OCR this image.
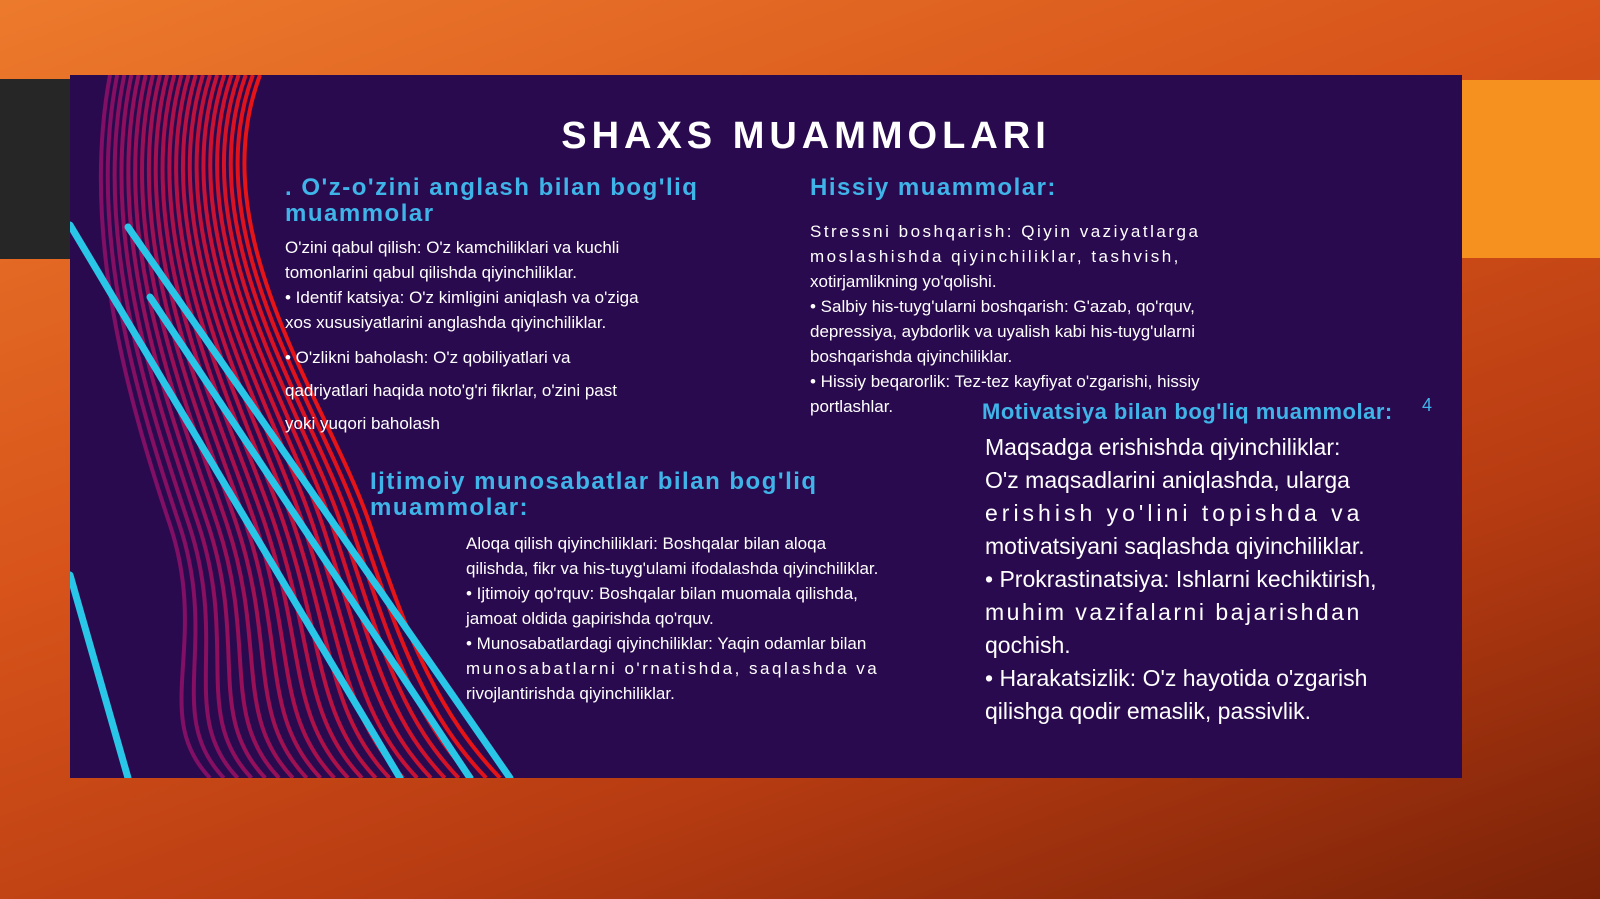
SHAXS MUAMMOLARI
. O'z-o'zini anglash bilan bog'liq muammolar
O'zini qabul qilish: O'z kamchiliklari va kuchli
tomonlarini qabul qilishda qiyinchiliklar.
• Identif katsiya: O'z kimligini aniqlash va o'ziga
xos xususiyatlarini anglashda qiyinchiliklar.
• O'zlikni baholash: O'z qobiliyatlari va
qadriyatlari haqida noto'g'ri fikrlar, o'zini past
yoki yuqori baholash
Hissiy muammolar:
Stressni boshqarish: Qiyin vaziyatlarga
moslashishda qiyinchiliklar, tashvish,
xotirjamlikning yo'qolishi.
• Salbiy his-tuyg'ularni boshqarish: G'azab, qo'rquv,
depressiya, aybdorlik va uyalish kabi his-tuyg'ularni
boshqarishda qiyinchiliklar.
• Hissiy beqarorlik: Tez-tez kayfiyat o'zgarishi, hissiy
portlashlar.
Ijtimoiy munosabatlar bilan bog'liq muammolar:
Aloqa qilish qiyinchiliklari: Boshqalar bilan aloqa
qilishda, fikr va his-tuyg'ulami ifodalashda qiyinchiliklar.
• Ijtimoiy qo'rquv: Boshqalar bilan muomala qilishda,
jamoat oldida gapirishda qo'rquv.
• Munosabatlardagi qiyinchiliklar: Yaqin odamlar bilan
munosabatlarni o'rnatishda, saqlashda va
rivojlantirishda qiyinchiliklar.
Motivatsiya bilan bog'liq muammolar:	4
Maqsadga erishishda qiyinchiliklar:
O'z maqsadlarini aniqlashda, ularga
erishish yo'lini topishda va
motivatsiyani saqlashda qiyinchiliklar.
• Prokrastinatsiya: Ishlarni kechiktirish,
muhim vazifalarni bajarishdan
qochish.
• Harakatsizlik: O'z hayotida o'zgarish
qilishga qodir emaslik, passivlik.
